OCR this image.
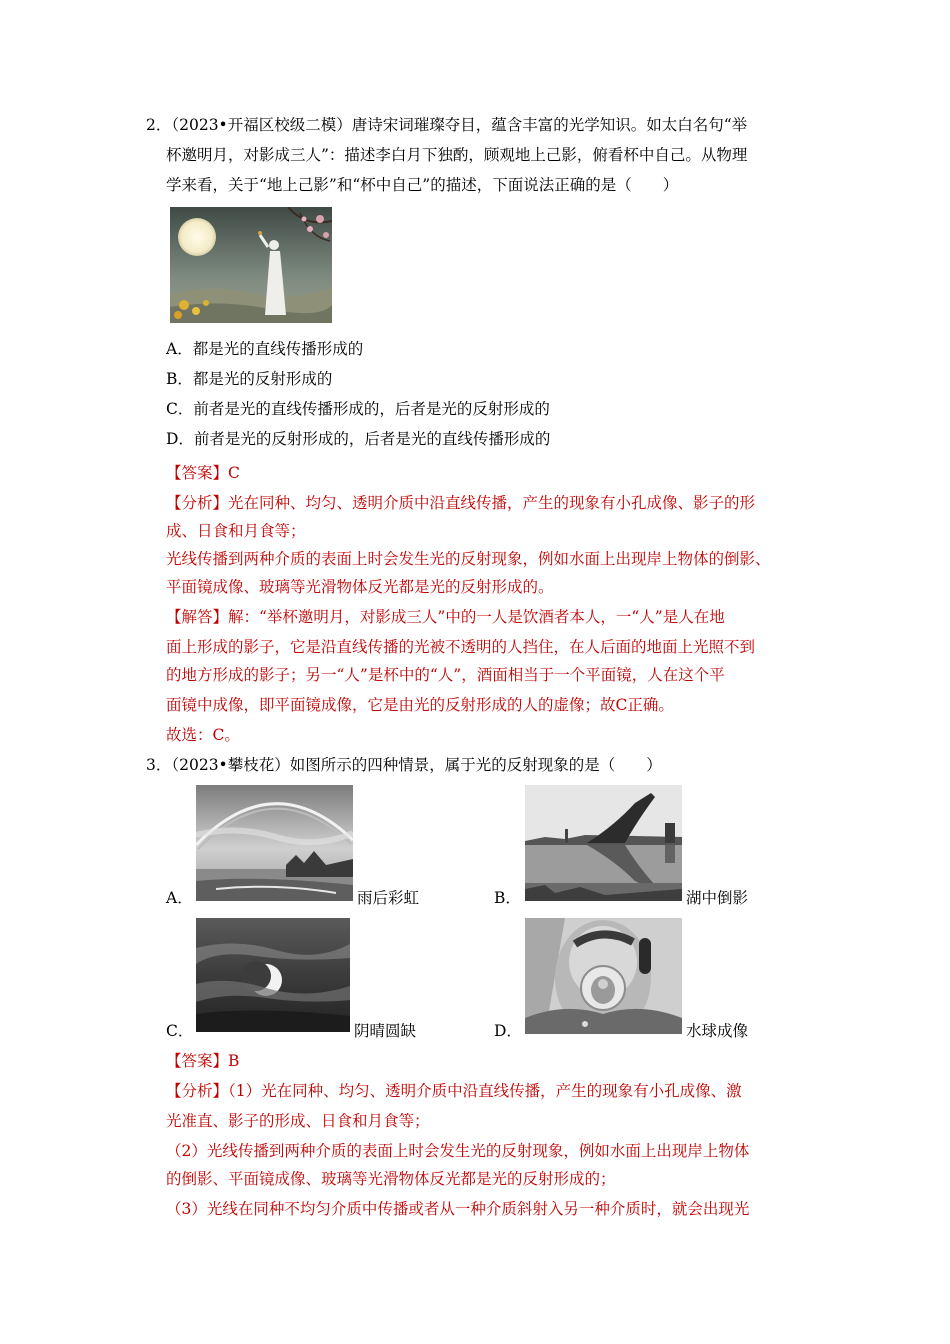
2．（2023•开福区校级二模）唐诗宋词璀璨夺目，蕴含丰富的光学知识。如太白名句“举
杯邀明月，对影成三人”：描述李白月下独酌，顾观地上己影，俯看杯中自己。从物理
学来看，关于“地上己影”和“杯中自己”的描述，下面说法正确的是（　　）
A．都是光的直线传播形成的
B．都是光的反射形成的
C．前者是光的直线传播形成的，后者是光的反射形成的
D．前者是光的反射形成的，后者是光的直线传播形成的
【答案】C
【分析】光在同种、均匀、透明介质中沿直线传播，产生的现象有小孔成像、影子的形
成、日食和月食等；
光线传播到两种介质的表面上时会发生光的反射现象，例如水面上出现岸上物体的倒影、
平面镜成像、玻璃等光滑物体反光都是光的反射形成的。
【解答】解：“举杯邀明月，对影成三人”中的一人是饮酒者本人，一“人”是人在地
面上形成的影子，它是沿直线传播的光被不透明的人挡住，在人后面的地面上光照不到
的地方形成的影子；另一“人”是杯中的“人”，酒面相当于一个平面镜，人在这个平
面镜中成像，即平面镜成像，它是由光的反射形成的人的虚像；故C正确。
故选：C。
3．（2023•攀枝花）如图所示的四种情景，属于光的反射现象的是（　　）
A．	雨后彩虹	B．	湖中倒影
C．	阴晴圆缺	D．	水球成像
【答案】B
【分析】（1）光在同种、均匀、透明介质中沿直线传播，产生的现象有小孔成像、激
光准直、影子的形成、日食和月食等；
（2）光线传播到两种介质的表面上时会发生光的反射现象，例如水面上出现岸上物体
的倒影、平面镜成像、玻璃等光滑物体反光都是光的反射形成的；
（3）光线在同种不均匀介质中传播或者从一种介质斜射入另一种介质时，就会出现光
